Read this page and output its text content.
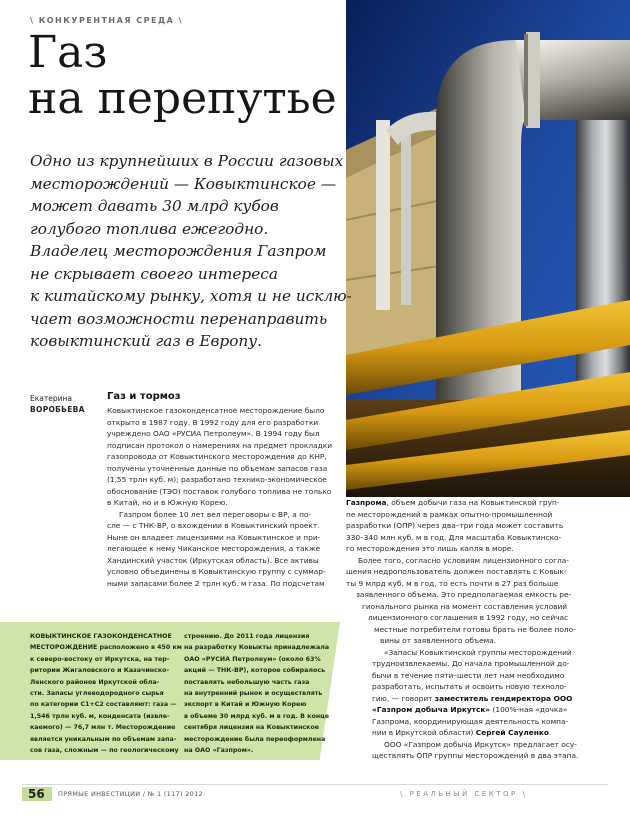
\ КОНКУРЕНТНАЯ СРЕДА \
Газ
на перепутье
Одно из крупнейших в России газовых
месторождений — Ковыктинское —
может давать 30 млрд кубов
голубого топлива ежегодно.
Владелец месторождения Газпром
не скрывает своего интереса
к китайскому рынку, хотя и не исклю-
чает возможности перенаправить
ковыктинский газ в Европу.
Екатерина
ВОРОБЬЕВА
Газ и тормоз
Ковыктинское газоконденсатное месторождение было
открыто в 1987 году. В 1992 году для его разработки
учреждено ОАО «РУСИА Петролеум». В 1994 году был
подписан протокол о намерениях на предмет прокладки
газопровода от Ковыктинского месторождения до КНР,
получены уточненные данные по объемам запасов газа
(1,55 трлн куб. м); разработано технико-экономическое
обоснование (ТЭО) поставок голубого топлива не только
в Китай, но и в Южную Корею.
Газпром более 10 лет вел переговоры с ВР, а по-
сле — с ТНК-ВР, о вхождении в Ковыктинский проект.
Ныне он владеет лицензиями на Ковыктинское и при-
легающее к нему Чиканское месторождения, а также
Хандинский участок (Иркутская область). Все активы
условно объединены в Ковыктинскую группу с суммар-
ными запасами более 2 трлн куб. м газа. По подсчетам
Газпрома, объем добычи газа на Ковыктинской груп-
пе месторождений в рамках опытно-промышленной
разработки (ОПР) через два–три года может составить
330–340 млн куб. м в год. Для масштаба Ковыктинско-
го месторождения это лишь капля в море.
Более того, согласно условиям лицензионного согла-
шения недропользователь должен поставлять с Ковык-
ты 9 млрд куб. м в год, то есть почти в 27 раз больше
заявленного объема. Это предполагаемая емкость ре-
гионального рынка на момент составления условий
лицензионного соглашения в 1992 году, но сейчас
местные потребители готовы брать не более поло-
вины от заявленного объема.
«Запасы Ковыктинской группы месторождений
трудноизвлекаемы. До начала промышленной до-
бычи в течение пяти–шести лет нам необходимо
разработать, испытать и освоить новую техноло-
гию, — говорит заместитель гендиректора ООО
«Газпром добыча Иркутск» (100%-ная «дочка»
Газпрома, координирующая деятельность компа-
нии в Иркутской области) Сергей Сауленко.
ООО «Газпром добыча Иркутск» предлагает осу-
ществлять ОПР группы месторождений в два этапа.
КОВЫКТИНСКОЕ ГАЗОКОНДЕНСАТНОЕ
МЕСТОРОЖДЕНИЕ расположено в 450 км
к северо-востоку от Иркутска, на тер-
ритории Жигаловского и Казачинско-
Ленского районов Иркутской обла-
сти. Запасы углеводородного сырья
по категории С1+С2 составляют: газа —
1,546 трлн куб. м, конденсата (извле-
каемого) — 76,7 млн т. Месторождение
является уникальным по объемам запа-
сов газа, сложным — по геологическому
строению. До 2011 года лицензия
на разработку Ковыкты принадлежала
ОАО «РУСИА Петролеум» (около 63%
акций — ТНК-ВР), которое собиралось
поставлять небольшую часть газа
на внутренний рынок и осуществлять
экспорт в Китай и Южную Корею
в объеме 30 млрд куб. м в год. В конце
сентября лицензия на Ковыктинское
месторождение была переоформлена
на ОАО «Газпром».
56	ПРЯМЫЕ ИНВЕСТИЦИИ / № 1 (117) 2012	\ РЕАЛЬНЫЙ СЕКТОР \
